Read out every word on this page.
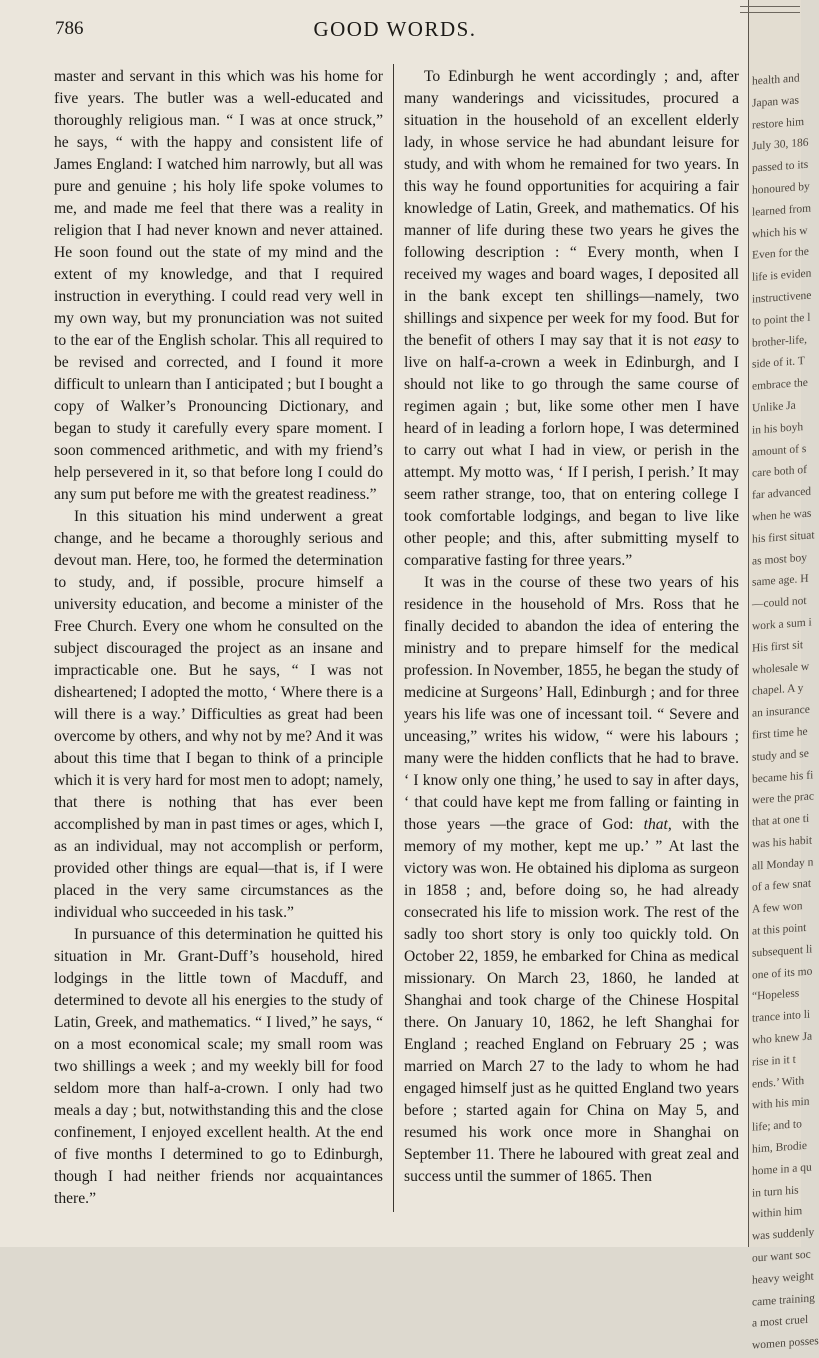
786	GOOD WORDS.

master and servant in this which was his home for five years. The butler was a well-educated and thoroughly religious man. “ I was at once struck,” he says, “ with the happy and consistent life of James England: I watched him narrowly, but all was pure and genuine ; his holy life spoke volumes to me, and made me feel that there was a reality in religion that I had never known and never attained. He soon found out the state of my mind and the extent of my knowledge, and that I required instruction in everything. I could read very well in my own way, but my pronunciation was not suited to the ear of the English scholar. This all required to be revised and corrected, and I found it more difficult to unlearn than I anticipated ; but I bought a copy of Walker’s Pronouncing Dictionary, and began to study it carefully every spare moment. I soon commenced arithmetic, and with my friend’s help persevered in it, so that before long I could do any sum put before me with the greatest readiness.”

In this situation his mind underwent a great change, and he became a thoroughly serious and devout man. Here, too, he formed the determination to study, and, if possible, procure himself a university education, and become a minister of the Free Church. Every one whom he consulted on the subject discouraged the project as an insane and impracticable one. But he says, “ I was not disheartened; I adopted the motto, ‘ Where there is a will there is a way.’ Difficulties as great had been overcome by others, and why not by me? And it was about this time that I began to think of a principle which it is very hard for most men to adopt; namely, that there is nothing that has ever been accomplished by man in past times or ages, which I, as an individual, may not accomplish or perform, provided other things are equal—that is, if I were placed in the very same circumstances as the individual who succeeded in his task.”

In pursuance of this determination he quitted his situation in Mr. Grant-Duff’s household, hired lodgings in the little town of Macduff, and determined to devote all his energies to the study of Latin, Greek, and mathematics. “ I lived,” he says, “ on a most economical scale; my small room was two shillings a week ; and my weekly bill for food seldom more than half-a-crown. I only had two meals a day ; but, notwithstanding this and the close confinement, I enjoyed excellent health. At the end of five months I determined to go to Edinburgh, though I had neither friends nor acquaintances there.”

To Edinburgh he went accordingly ; and, after many wanderings and vicissitudes, procured a situation in the household of an excellent elderly lady, in whose service he had abundant leisure for study, and with whom he remained for two years. In this way he found opportunities for acquiring a fair knowledge of Latin, Greek, and mathematics. Of his manner of life during these two years he gives the following description : “ Every month, when I received my wages and board wages, I deposited all in the bank except ten shillings—namely, two shillings and sixpence per week for my food. But for the benefit of others I may say that it is not easy to live on half-a-crown a week in Edinburgh, and I should not like to go through the same course of regimen again ; but, like some other men I have heard of in leading a forlorn hope, I was determined to carry out what I had in view, or perish in the attempt. My motto was, ‘ If I perish, I perish.’ It may seem rather strange, too, that on entering college I took comfortable lodgings, and began to live like other people; and this, after submitting myself to comparative fasting for three years.”

It was in the course of these two years of his residence in the household of Mrs. Ross that he finally decided to abandon the idea of entering the ministry and to prepare himself for the medical profession. In November, 1855, he began the study of medicine at Surgeons’ Hall, Edinburgh ; and for three years his life was one of incessant toil. “ Severe and unceasing,” writes his widow, “ were his labours ; many were the hidden conflicts that he had to brave. ‘ I know only one thing,’ he used to say in after days, ‘ that could have kept me from falling or fainting in those years —the grace of God: that, with the memory of my mother, kept me up.’ ” At last the victory was won. He obtained his diploma as surgeon in 1858 ; and, before doing so, he had already consecrated his life to mission work. The rest of the sadly too short story is only too quickly told. On October 22, 1859, he embarked for China as medical missionary. On March 23, 1860, he landed at Shanghai and took charge of the Chinese Hospital there. On January 10, 1862, he left Shanghai for England ; reached England on February 25 ; was married on March 27 to the lady to whom he had engaged himself just as he quitted England two years before ; started again for China on May 5, and resumed his work once more in Shanghai on September 11. There he laboured with great zeal and success until the summer of 1865. Then

health and
Japan was
restore him
July 30, 186
passed to its
honoured by
learned from
which his w
Even for the
life is eviden
instructivene
to point the l
brother-life,
side of it. T
embrace the
Unlike Ja
in his boyh
amount of s
care both of
far advanced
when he was
his first situat
as most boy
same age. H
—could not
work a sum i
His first sit
wholesale w
chapel. A y
an insurance
first time he
study and se
became his fi
were the prac
that at one ti
was his habit
all Monday n
of a few snat
A few won
at this point
subsequent li
one of its mo
“Hopeless
trance into li
who knew Ja
rise in it t
ends.’ With
with his min
life; and to
him, Brodie
home in a qu
in turn his
within him
was suddenly
our want soc
heavy weight
came training
a most cruel
women posses
